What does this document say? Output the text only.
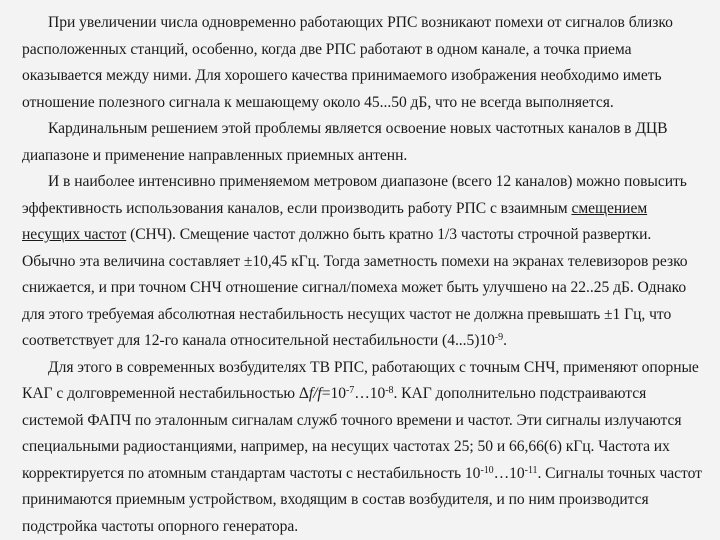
При увеличении числа одновременно работающих РПС возникают помехи от сигналов близко расположенных станций, особенно, когда две РПС работают в одном канале, а точка приема оказывается между ними. Для хорошего качества принимаемого изображения необходимо иметь отношение полезного сигнала к мешающему около 45...50 дБ, что не всегда выполняется.

Кардинальным решением этой проблемы является освоение новых частотных каналов в ДЦВ диапазоне и применение направленных приемных антенн.

И в наиболее интенсивно применяемом метровом диапазоне (всего 12 каналов) можно повысить эффективность использования каналов, если производить работу РПС с взаимным смещением несущих частот (СНЧ). Смещение частот должно быть кратно 1/3 частоты строчной развертки. Обычно эта величина составляет ±10,45 кГц. Тогда заметность помехи на экранах телевизоров резко снижается, и при точном СНЧ отношение сигнал/помеха может быть улучшено на 22..25 дБ. Однако для этого требуемая абсолютная нестабильность несущих частот не должна превышать ±1 Гц, что соответствует для 12-го канала относительной нестабильности $(4...5)10^{-9}$.

Для этого в современных возбудителях ТВ РПС, работающих с точным СНЧ, применяют опорные КАГ с долговременной нестабильностью $\Delta f/f=10^{-7}\dots 10^{-8}$. КАГ дополнительно подстраиваются системой ФАПЧ по эталонным сигналам служб точного времени и частот. Эти сигналы излучаются специальными радиостанциями, например, на несущих частотах 25; 50 и 66,66(6) кГц. Частота их корректируется по атомным стандартам частоты с нестабильность $10^{-10}\dots 10^{-11}$. Сигналы точных частот принимаются приемным устройством, входящим в состав возбудителя, и по ним производится подстройка частоты опорного генератора.
